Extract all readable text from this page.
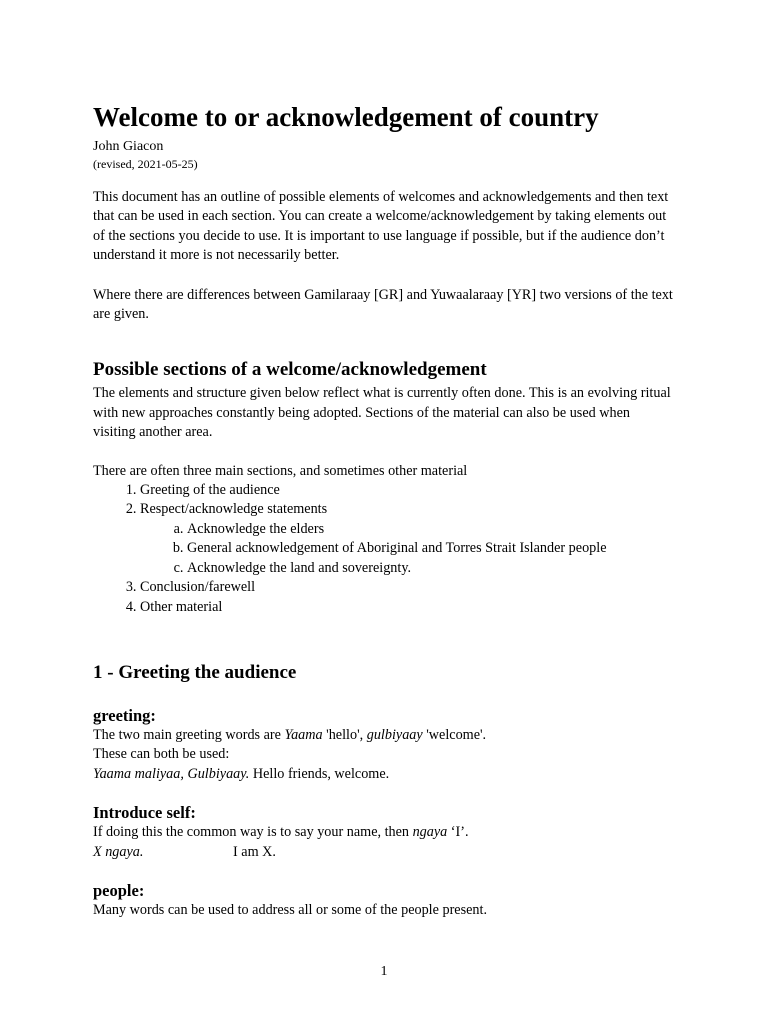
Welcome to or acknowledgement of country
John Giacon
(revised, 2021-05-25)

This document has an outline of possible elements of welcomes and acknowledgements and then text that can be used in each section. You can create a welcome/acknowledgement by taking elements out of the sections you decide to use. It is important to use language if possible, but if the audience don’t understand it more is not necessarily better.

Where there are differences between Gamilaraay [GR] and Yuwaalaraay [YR] two versions of the text are given.

Possible sections of a welcome/acknowledgement

The elements and structure given below reflect what is currently often done. This is an evolving ritual with new approaches constantly being adopted. Sections of the material can also be used when visiting another area.

There are often three main sections, and sometimes other material

1. Greeting of the audience
2. Respect/acknowledge statements
a. Acknowledge the elders
b. General acknowledgement of Aboriginal and Torres Strait Islander people
c. Acknowledge the land and sovereignty.
3. Conclusion/farewell
4. Other material
1 - Greeting the audience
greeting:

The two main greeting words are Yaama 'hello', gulbiyaay 'welcome'.

These can both be used:

Yaama maliyaa, Gulbiyaay. Hello friends, welcome.

Introduce self:

If doing this the common way is to say your name, then ngaya ‘I’.

X ngaya.	I am X.

people:

Many words can be used to address all or some of the people present.

1
